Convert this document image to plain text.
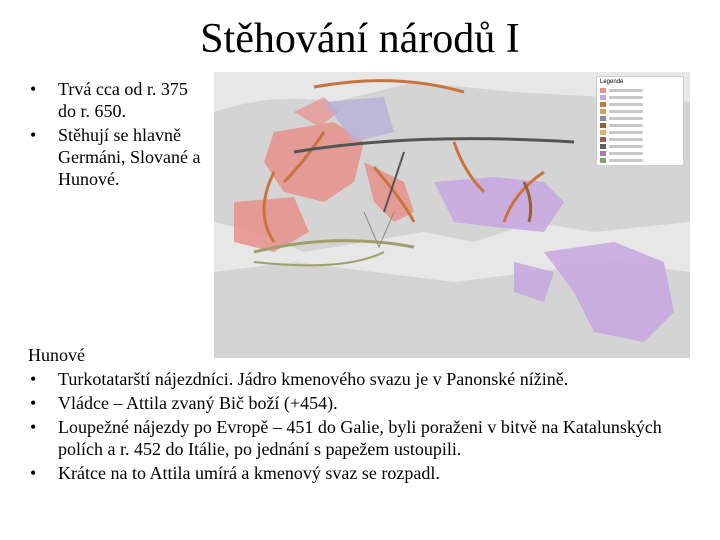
Stěhování národů I
• Trvá cca od r. 375 do r. 650.
• Stěhují se hlavně Germáni, Slované a Hunové.
Legende
Hunové
• Turkotatarští nájezdníci. Jádro kmenového svazu je v Panonské nížině.
• Vládce – Attila zvaný Bič boží (+454).
• Loupežné nájezdy po Evropě – 451 do Galie, byli poraženi v bitvě na Katalunských polích a r. 452 do Itálie, po jednání s papežem ustoupili.
• Krátce na to Attila umírá a kmenový svaz se rozpadl.
